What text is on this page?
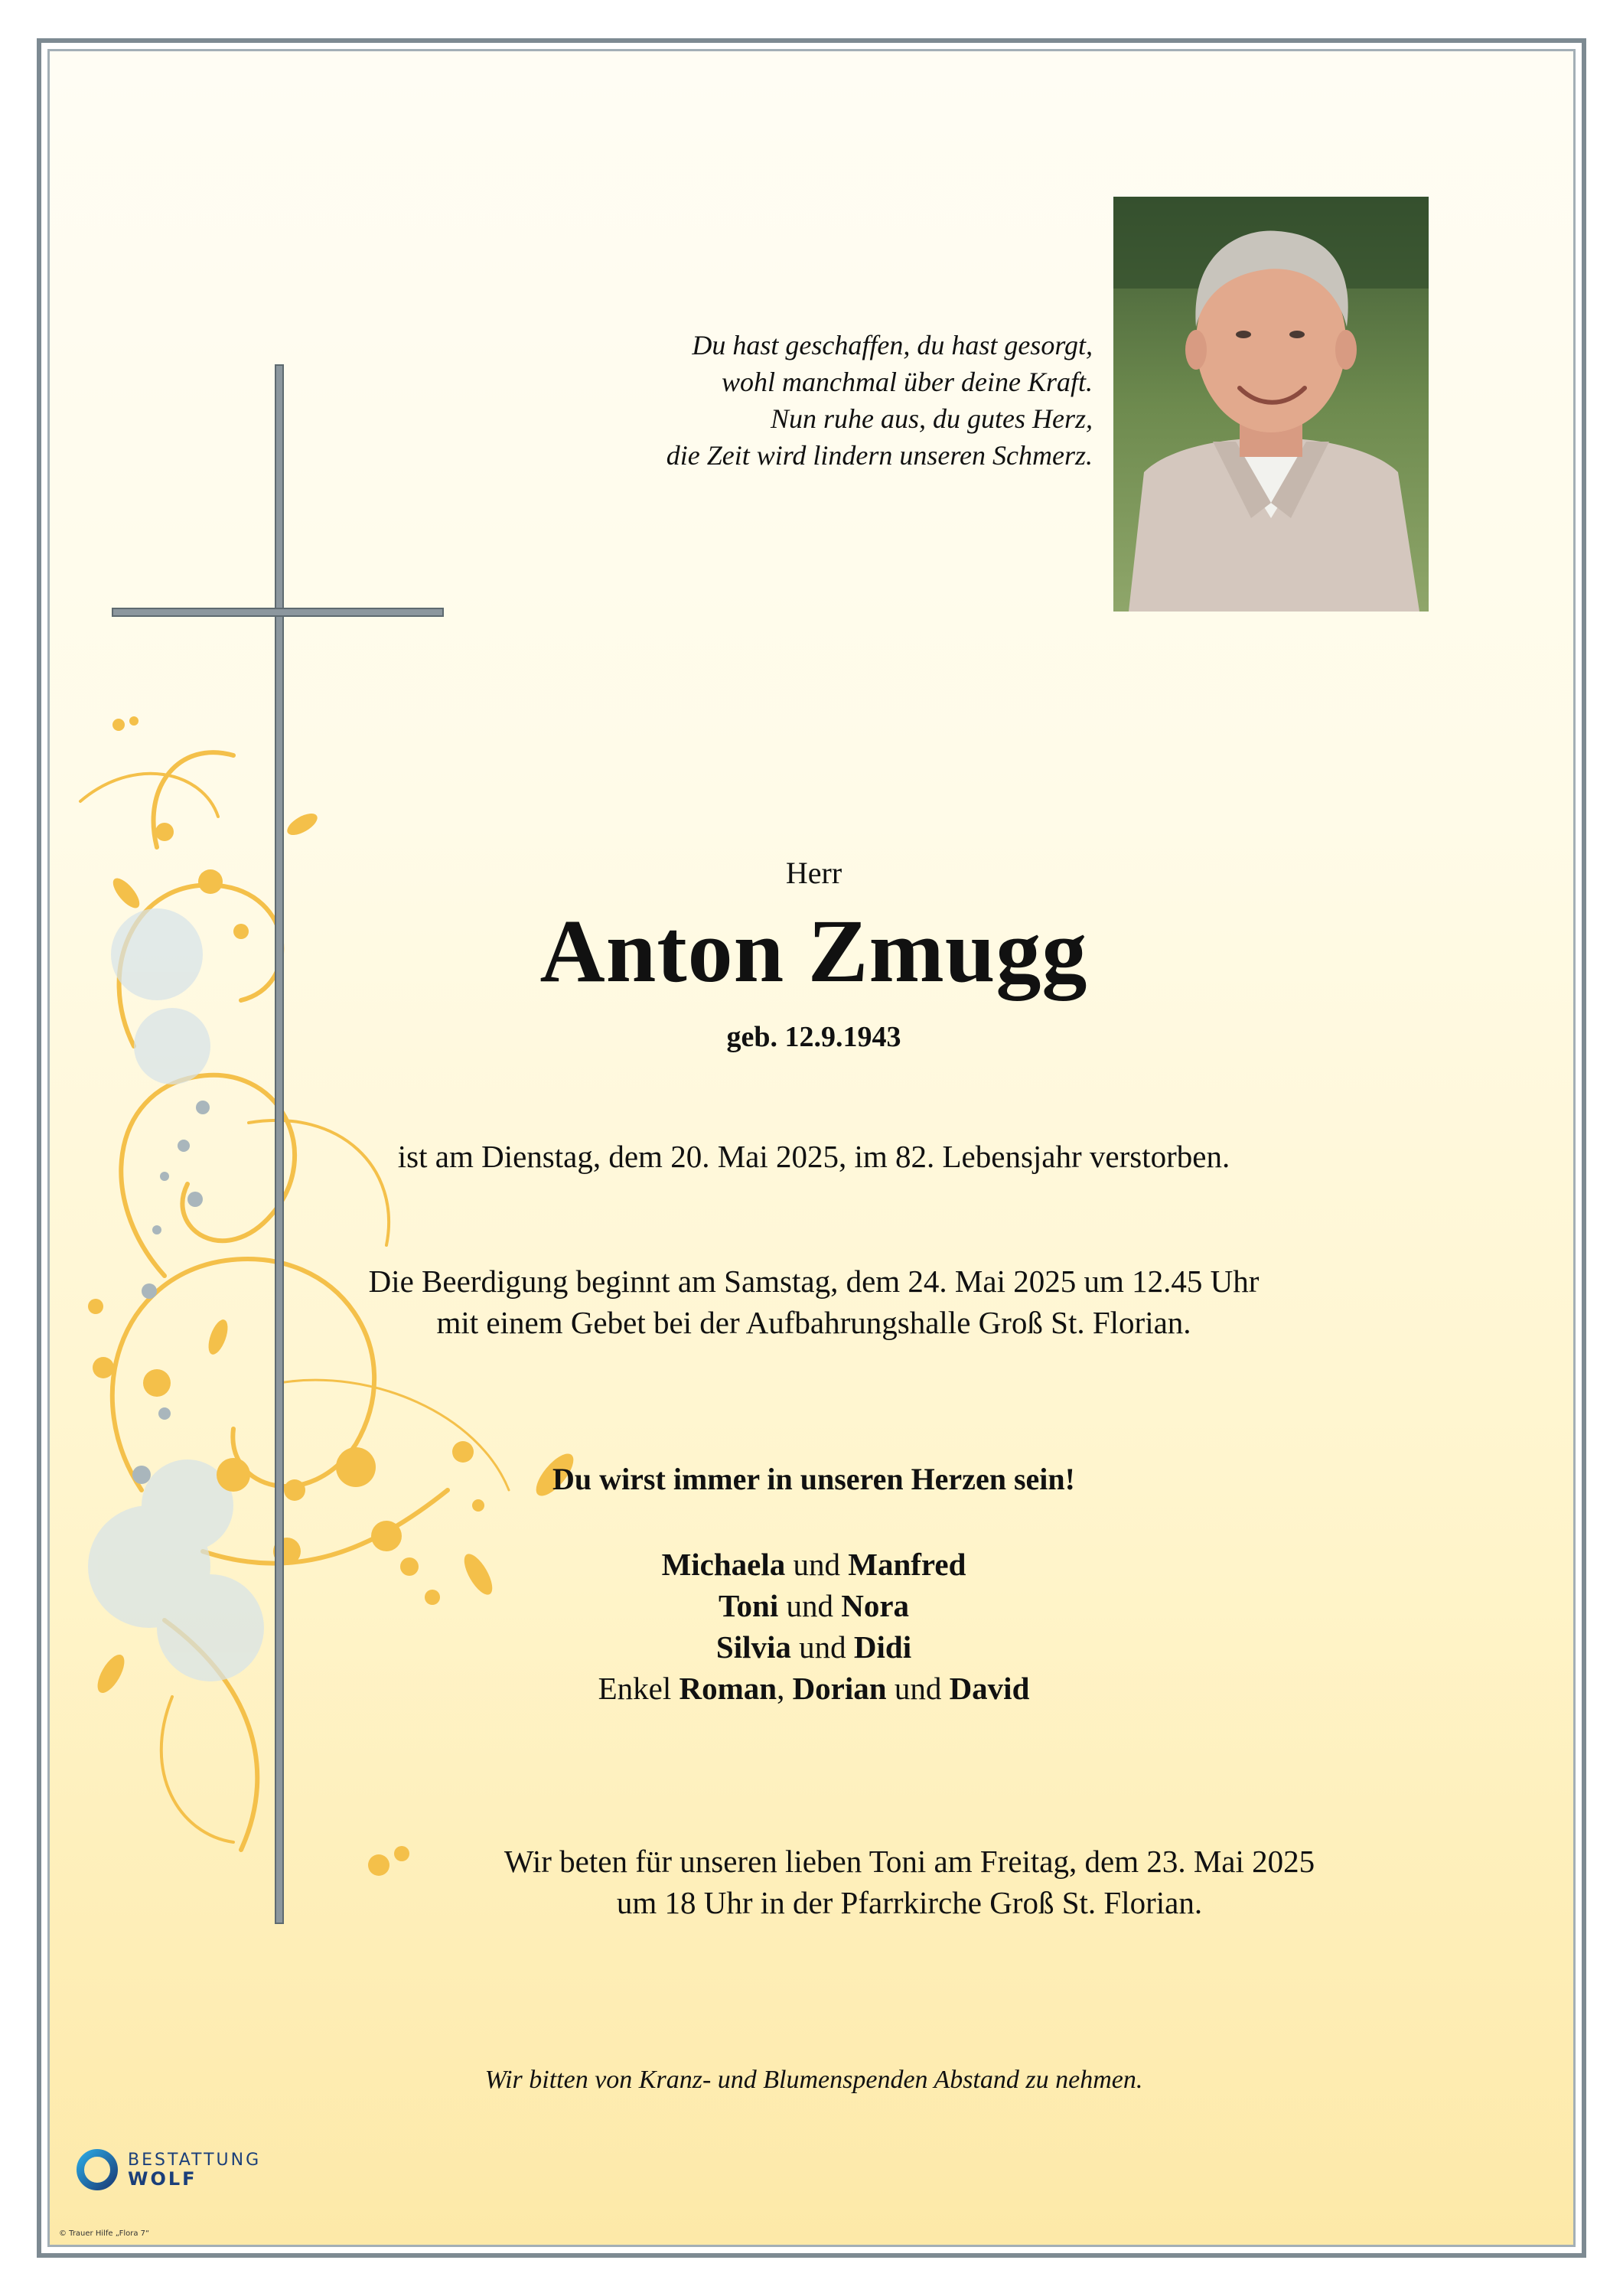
Du hast geschaffen, du hast gesorgt,
wohl manchmal über deine Kraft.
Nun ruhe aus, du gutes Herz,
die Zeit wird lindern unseren Schmerz.
Herr
Anton Zmugg
geb. 12.9.1943
ist am Dienstag, dem 20. Mai 2025, im 82. Lebensjahr verstorben.
Die Beerdigung beginnt am Samstag, dem 24. Mai 2025 um 12.45 Uhr
mit einem Gebet bei der Aufbahrungshalle Groß St. Florian.
Du wirst immer in unseren Herzen sein!
Michaela und Manfred
Toni und Nora
Silvia und Didi
Enkel Roman, Dorian und David
Wir beten für unseren lieben Toni am Freitag, dem 23. Mai 2025
um 18 Uhr in der Pfarrkirche Groß St. Florian.
Wir bitten von Kranz- und Blumenspenden Abstand zu nehmen.
BESTATTUNG
WOLF
© Trauer Hilfe „Flora 7“
